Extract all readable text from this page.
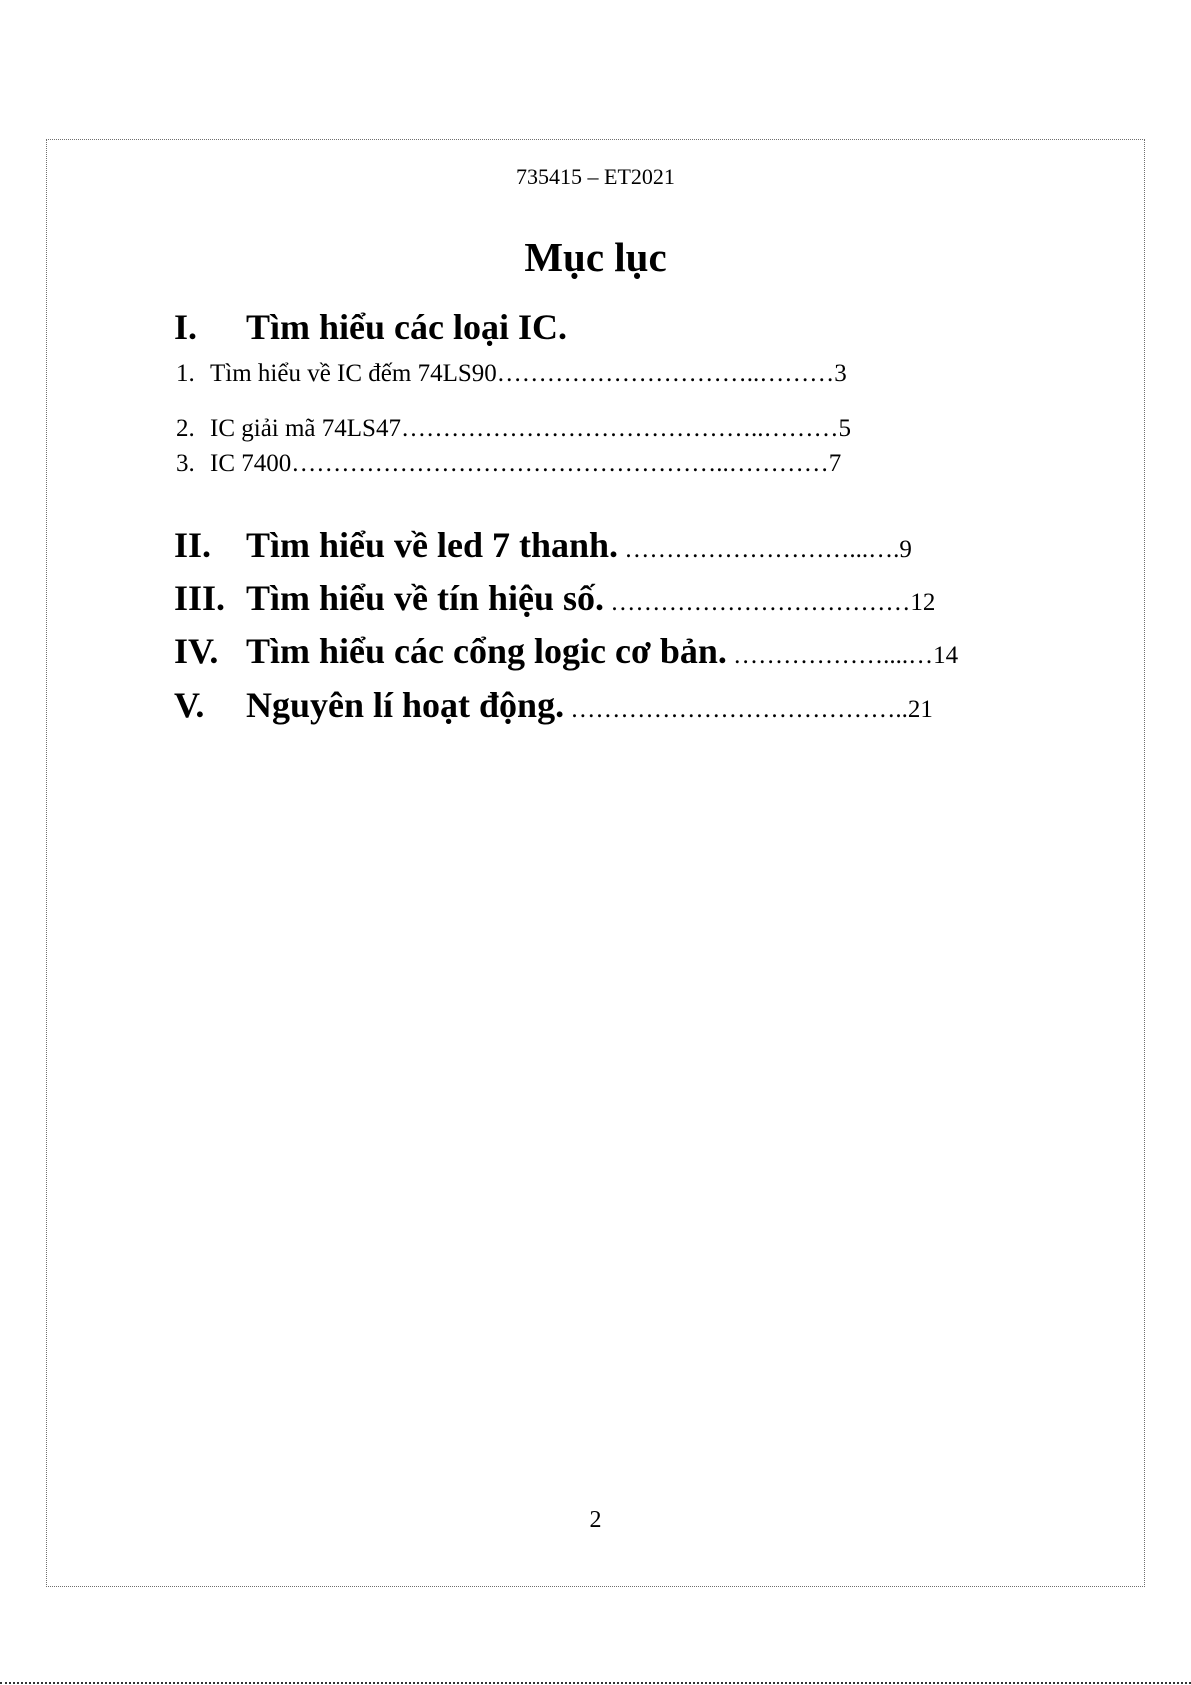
735415 – ET2021
Mục lục
I. Tìm hiểu các loại IC.
1. Tìm hiểu về IC đếm 74LS90…………………………..………3
2. IC giải mã 74LS47……………………………………..………5
3. IC 7400……………………………………………..…………7
II. Tìm hiểu về led 7 thanh. ………………………...….9
III. Tìm hiểu về tín hiệu số. ………………………………12
IV. Tìm hiểu các cổng logic cơ bản. ………………....…14
V. Nguyên lí hoạt động. …………………………………..21
2
